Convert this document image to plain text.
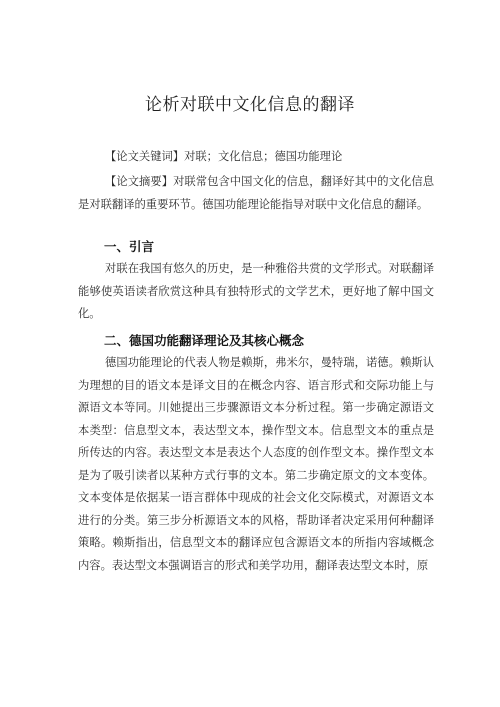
论析对联中文化信息的翻译
【论文关键词】对联；文化信息；德国功能理论
【论文摘要】对联常包含中国文化的信息，翻译好其中的文化信息是对联翻译的重要环节。德国功能理论能指导对联中文化信息的翻译。
一、引言
对联在我国有悠久的历史，是一种雅俗共赏的文学形式。对联翻译能够使英语读者欣赏这种具有独特形式的文学艺术，更好地了解中国文化。
二、德国功能翻译理论及其核心概念
德国功能理论的代表人物是赖斯，弗米尔，曼特瑞，诺德。赖斯认为理想的目的语文本是译文目的在概念内容、语言形式和交际功能上与源语文本等同。川她提出三步骤源语文本分析过程。第一步确定源语文本类型：信息型文本，表达型文本，操作型文本。信息型文本的重点是所传达的内容。表达型文本是表达个人态度的创作型文本。操作型文本是为了吸引读者以某种方式行事的文本。第二步确定原文的文本变体。文本变体是依据某一语言群体中现成的社会文化交际模式，对源语文本进行的分类。第三步分析源语文本的风格，帮助译者决定采用何种翻译策略。赖斯指出，信息型文本的翻译应包含源语文本的所指内容域概念内容。表达型文本强调语言的形式和美学功用，翻译表达型文本时，原
